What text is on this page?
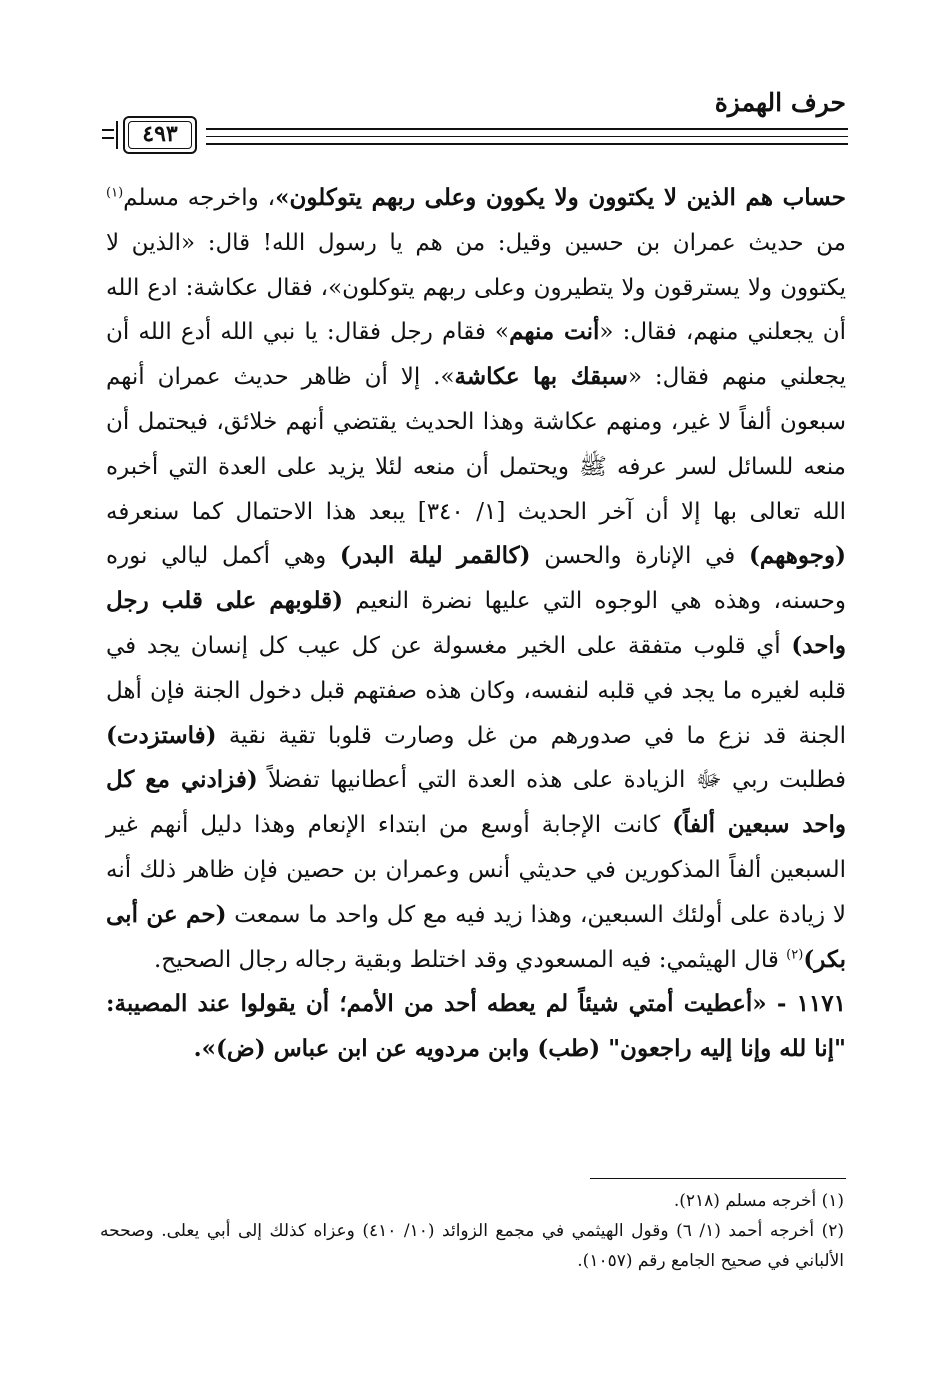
حرف الهمزة
٤٩٣

حساب هم الذين لا يكتوون ولا يكوون وعلى ربهم يتوكلون»، واخرجه مسلم$^{(١)}$ من حديث عمران بن حسين وقيل: من هم يا رسول الله! قال: «الذين لا يكتوون ولا يسترقون ولا يتطيرون وعلى ربهم يتوكلون»، فقال عكاشة: ادع الله أن يجعلني منهم، فقال: «أنت منهم» فقام رجل فقال: يا نبي الله أدع الله أن يجعلني منهم فقال: «سبقك بها عكاشة». إلا أن ظاهر حديث عمران أنهم سبعون ألفاً لا غير، ومنهم عكاشة وهذا الحديث يقتضي أنهم خلائق، فيحتمل أن منعه للسائل لسر عرفه ﷺ ويحتمل أن منعه لئلا يزيد على العدة التي أخبره الله تعالى بها إلا أن آخر الحديث [١/ ٣٤٠] يبعد هذا الاحتمال كما سنعرفه (وجوههم) في الإنارة والحسن (كالقمر ليلة البدر) وهي أكمل ليالي نوره وحسنه، وهذه هي الوجوه التي عليها نضرة النعيم (قلوبهم على قلب رجل واحد) أي قلوب متفقة على الخير مغسولة عن كل عيب كل إنسان يجد في قلبه لغيره ما يجد في قلبه لنفسه، وكان هذه صفتهم قبل دخول الجنة فإن أهل الجنة قد نزع ما في صدورهم من غل وصارت قلوبا تقية نقية (فاستزدت) فطلبت ربي ﷻ الزيادة على هذه العدة التي أعطانيها تفضلاً (فزادني مع كل واحد سبعين ألفاً) كانت الإجابة أوسع من ابتداء الإنعام وهذا دليل أنهم غير السبعين ألفاً المذكورين في حديثي أنس وعمران بن حصين فإن ظاهر ذلك أنه لا زيادة على أولئك السبعين، وهذا زيد فيه مع كل واحد ما سمعت (حم عن أبى بكر)$^{(٢)}$ قال الهيثمي: فيه المسعودي وقد اختلط وبقية رجاله رجال الصحيح.

١١٧١ - «أعطيت أمتي شيئاً لم يعطه أحد من الأمم؛ أن يقولوا عند المصيبة: "إنا لله وإنا إليه راجعون" (طب) وابن مردويه عن ابن عباس (ض)».

(١) أخرجه مسلم (٢١٨).

(٢) أخرجه أحمد (١/ ٦) وقول الهيثمي في مجمع الزوائد (١٠/ ٤١٠) وعزاه كذلك إلى أبي يعلى. وصححه الألباني في صحيح الجامع رقم (١٠٥٧).
